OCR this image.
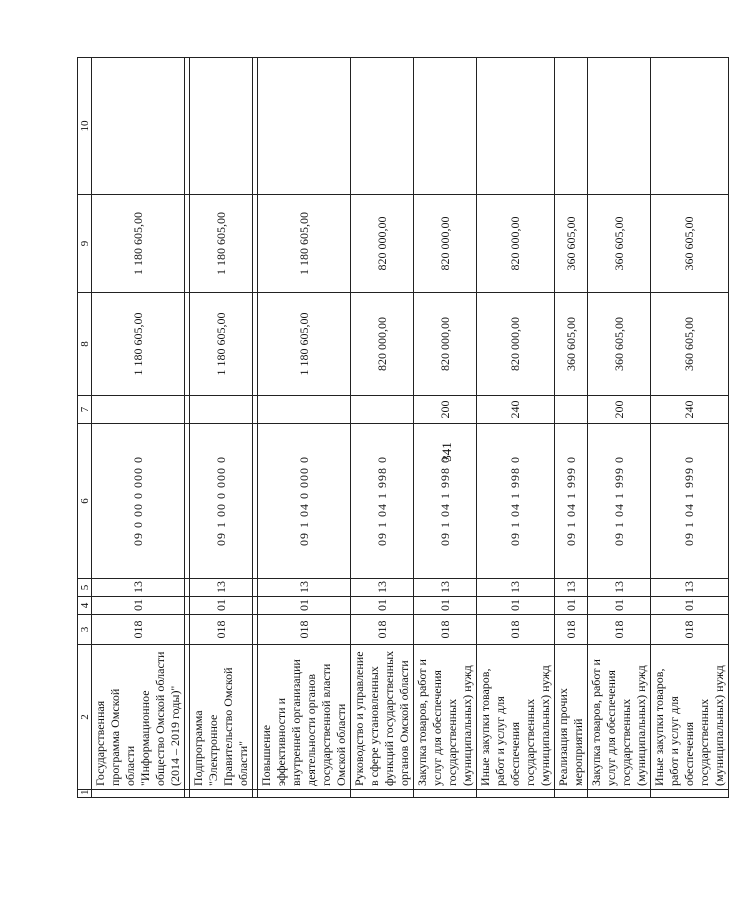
341
1	2	3	4	5	6	7	8	9	10
	Государственная программа Омской области "Информационное общество Омской области (2014 – 2019 годы)"	018	01	13	09 0 00 0 000 0		1 180 605,00	1 180 605,00	

	Подпрограмма "Электронное Правительство Омской области"	018	01	13	09 1 00 0 000 0		1 180 605,00	1 180 605,00	

	Повышение эффективности и внутренней организации деятельности органов государственной власти Омской области	018	01	13	09 1 04 0 000 0		1 180 605,00	1 180 605,00	
	Руководство и управление в сфере установленных функций государственных органов Омской области	018	01	13	09 1 04 1 998 0		820 000,00	820 000,00	
	Закупка товаров, работ и услуг для обеспечения государственных (муниципальных) нужд	018	01	13	09 1 04 1 998 0	200	820 000,00	820 000,00	
	Иные закупки товаров, работ и услуг для обеспечения государственных (муниципальных) нужд	018	01	13	09 1 04 1 998 0	240	820 000,00	820 000,00	
	Реализация прочих мероприятий	018	01	13	09 1 04 1 999 0		360 605,00	360 605,00	
	Закупка товаров, работ и услуг для обеспечения государственных (муниципальных) нужд	018	01	13	09 1 04 1 999 0	200	360 605,00	360 605,00	
	Иные закупки товаров, работ и услуг для обеспечения государственных (муниципальных) нужд	018	01	13	09 1 04 1 999 0	240	360 605,00	360 605,00	
